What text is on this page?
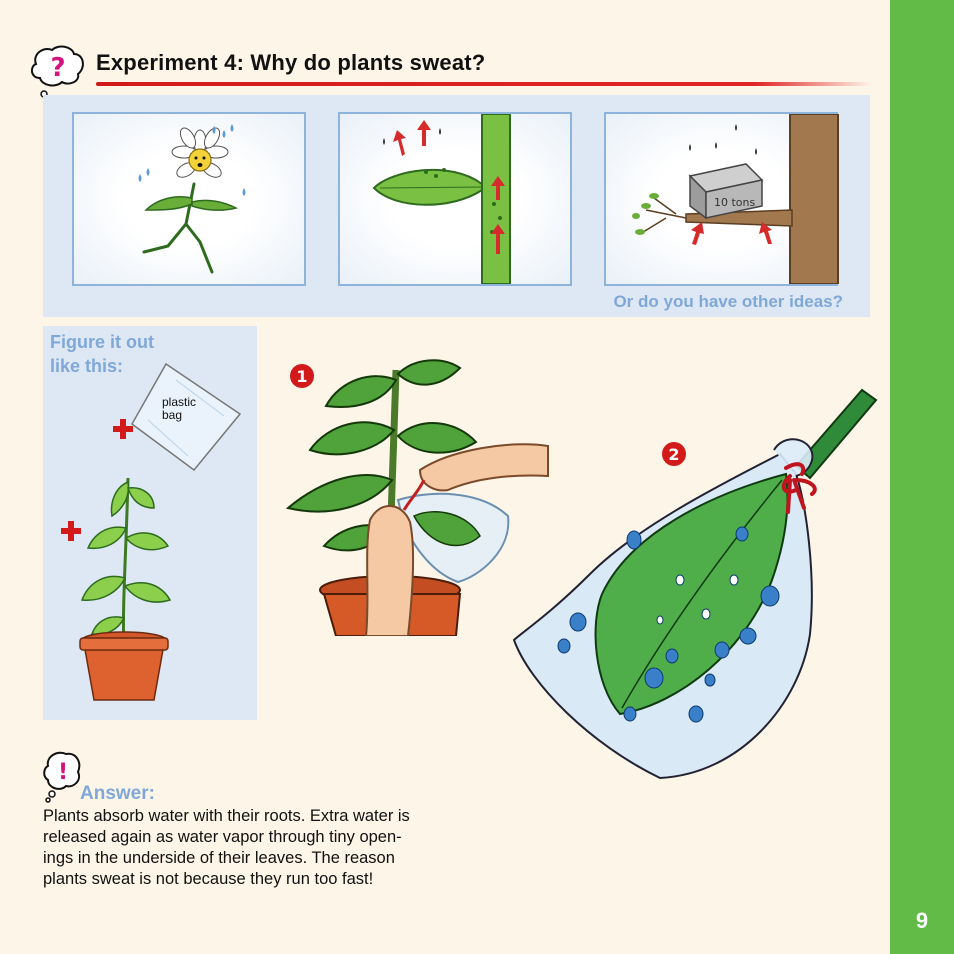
9
? Experiment 4: Why do plants sweat?
10 tons
Or do you have other ideas?
Figure it out
like this:
plastic
bag
1
2
!
Answer:
Plants absorb water with their roots. Extra water is
released again as water vapor through tiny open-
ings in the underside of their leaves. The reason
plants sweat is not because they run too fast!
